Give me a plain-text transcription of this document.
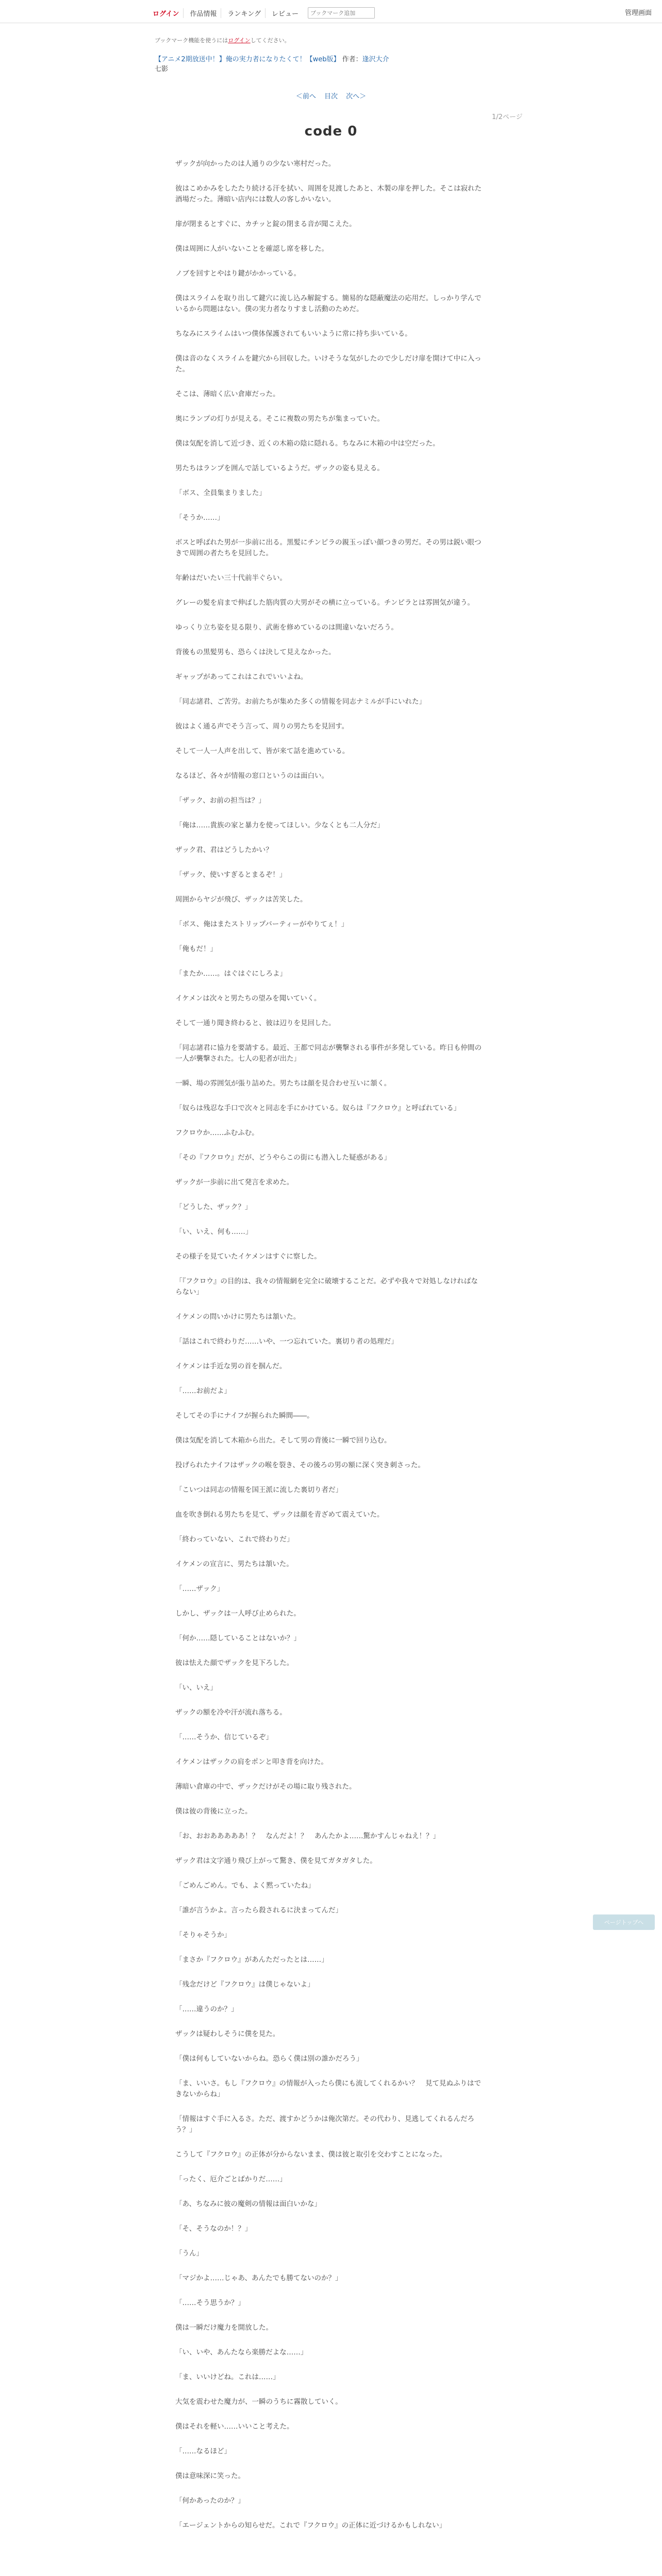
ログイン	作品情報	ランキング	レビュー
ブックマーク追加	管理画面
ブックマーク機能を使うにはログインしてください。
【アニメ2期放送中！】俺の実力者になりたくて！【web版】 作者：逢沢大介
七影
＜前へ 目次 次へ＞
1/2ページ
code 0

ザックが向かったのは人通りの少ない寒村だった。

彼はこめかみをしたたり続ける汗を拭い、周囲を見渡したあと、木製の扉を押した。そこは寂れた酒場だった。薄暗い店内には数人の客しかいない。

扉が閉まるとすぐに、カチッと錠の閉まる音が聞こえた。

僕は周囲に人がいないことを確認し席を移した。

ノブを回すとやはり鍵がかかっている。

僕はスライムを取り出して鍵穴に流し込み解錠する。簡易的な隠蔽魔法の応用だ。しっかり学んでいるから問題はない。僕の実力者なりすまし活動のためだ。

ちなみにスライムはいつ僕体保護されてもいいように常に持ち歩いている。

僕は音のなくスライムを鍵穴から回収した。いけそうな気がしたので少しだけ扉を開けて中に入った。

そこは、薄暗く広い倉庫だった。

奥にランプの灯りが見える。そこに複数の男たちが集まっていた。

僕は気配を消して近づき、近くの木箱の陰に隠れる。ちなみに木箱の中は空だった。

男たちはランプを囲んで話しているようだ。ザックの姿も見える。

「ボス、全員集まりました」

「そうか……」

ボスと呼ばれた男が一歩前に出る。黒髪にチンピラの親玉っぽい顔つきの男だ。その男は鋭い眼つきで周囲の者たちを見回した。

年齢はだいたい三十代前半ぐらい。

グレーの髪を肩まで伸ばした筋肉質の大男がその横に立っている。チンピラとは雰囲気が違う。

ゆっくり立ち姿を見る限り、武術を修めているのは間違いないだろう。

背後もの黒髪男も、恐らくは決して見えなかった。

ギャップがあってこれはこれでいいよね。

「同志諸君、ご苦労。お前たちが集めた多くの情報を同志ナミルが手にいれた」

彼はよく通る声でそう言って、周りの男たちを見回す。

そして一人一人声を出して、皆が来て話を進めている。

なるほど、各々が情報の窓口というのは面白い。

「ザック、お前の担当は？」

「俺は……貴族の家と暴力を使ってほしい。少なくとも二人分だ」

ザック君、君はどうしたかい？

「ザック、使いすぎるとまるぞ！」

周囲からヤジが飛び、ザックは苦笑した。

「ボス、俺はまたストリップバーティーがやりてぇ！」

「俺もだ！」

「またか……。はぐはぐにしろよ」

イケメンは次々と男たちの望みを聞いていく。

そして一通り聞き終わると、彼は辺りを見回した。

「同志諸君に協力を要請する。最近、王都で同志が襲撃される事件が多発している。昨日も仲間の一人が襲撃された。七人の犯者が出た」

一瞬、場の雰囲気が張り詰めた。男たちは顔を見合わせ互いに頷く。

「奴らは残忍な手口で次々と同志を手にかけている。奴らは『フクロウ』と呼ばれている」

フクロウか……ふむふむ。

「その『フクロウ』だが、どうやらこの街にも潜入した疑惑がある」

ザックが一歩前に出て発言を求めた。

「どうした、ザック？」

「い、いえ、何も……」

その様子を見ていたイケメンはすぐに察した。

「『フクロウ』の目的は、我々の情報網を完全に破壊することだ。必ずや我々で対処しなければならない」

イケメンの問いかけに男たちは頷いた。

「話はこれで終わりだ……いや、一つ忘れていた。裏切り者の処理だ」

イケメンは手近な男の首を掴んだ。

「……お前だよ」

そしてその手にナイフが握られた瞬間――。

僕は気配を消して木箱から出た。そして男の背後に一瞬で回り込む。

投げられたナイフはザックの喉を裂き、その後ろの男の額に深く突き刺さった。

「こいつは同志の情報を国王派に流した裏切り者だ」

血を吹き倒れる男たちを見て、ザックは顔を青ざめて震えていた。

「終わっていない、これで終わりだ」

イケメンの宣言に、男たちは頷いた。

「……ザック」

しかし、ザックは一人呼び止められた。

「何か……隠していることはないか？」

彼は怯えた顔でザックを見下ろした。

「い、いえ」

ザックの額を冷や汗が流れ落ちる。

「……そうか、信じているぞ」

イケメンはザックの肩をポンと叩き背を向けた。

薄暗い倉庫の中で、ザックだけがその場に取り残された。

僕は彼の背後に立った。

「お、おおあああああ！？　なんだよ！？　あんたかよ……驚かすんじゃねえ！？」

ザック君は文字通り飛び上がって驚き、僕を見てガタガタした。

「ごめんごめん。でも、よく黙っていたね」

「誰が言うかよ。言ったら殺されるに決まってんだ」

「そりゃそうか」

「まさか『フクロウ』があんただったとは……」

「残念だけど『フクロウ』は僕じゃないよ」

「……違うのか？」

ザックは疑わしそうに僕を見た。

「僕は何もしていないからね。恐らく僕は別の誰かだろう」

「ま、いいさ。もし『フクロウ』の情報が入ったら僕にも流してくれるかい？　見て見ぬふりはできないからね」

「情報はすぐ手に入るさ。ただ、渡すかどうかは俺次第だ。その代わり、見逃してくれるんだろう？」

こうして『フクロウ』の正体が分からないまま、僕は彼と取引を交わすことになった。

「ったく、厄介ごとばかりだ……」

「あ、ちなみに彼の魔剣の情報は面白いかな」

「そ、そうなのか！？」

「うん」

「マジかよ……じゃあ、あんたでも勝てないのか？」

「……そう思うか？」

僕は一瞬だけ魔力を開放した。

「い、いや、あんたなら楽勝だよな……」

「ま、いいけどね。これは……」

大気を震わせた魔力が、一瞬のうちに霧散していく。

僕はそれを軽い……いいこと考えた。

「……なるほど」

僕は意味深に笑った。

「何かあったのか？」

「エージェントからの知らせだ。これで『フクロウ』の正体に近づけるかもしれない」

ページトップへ
